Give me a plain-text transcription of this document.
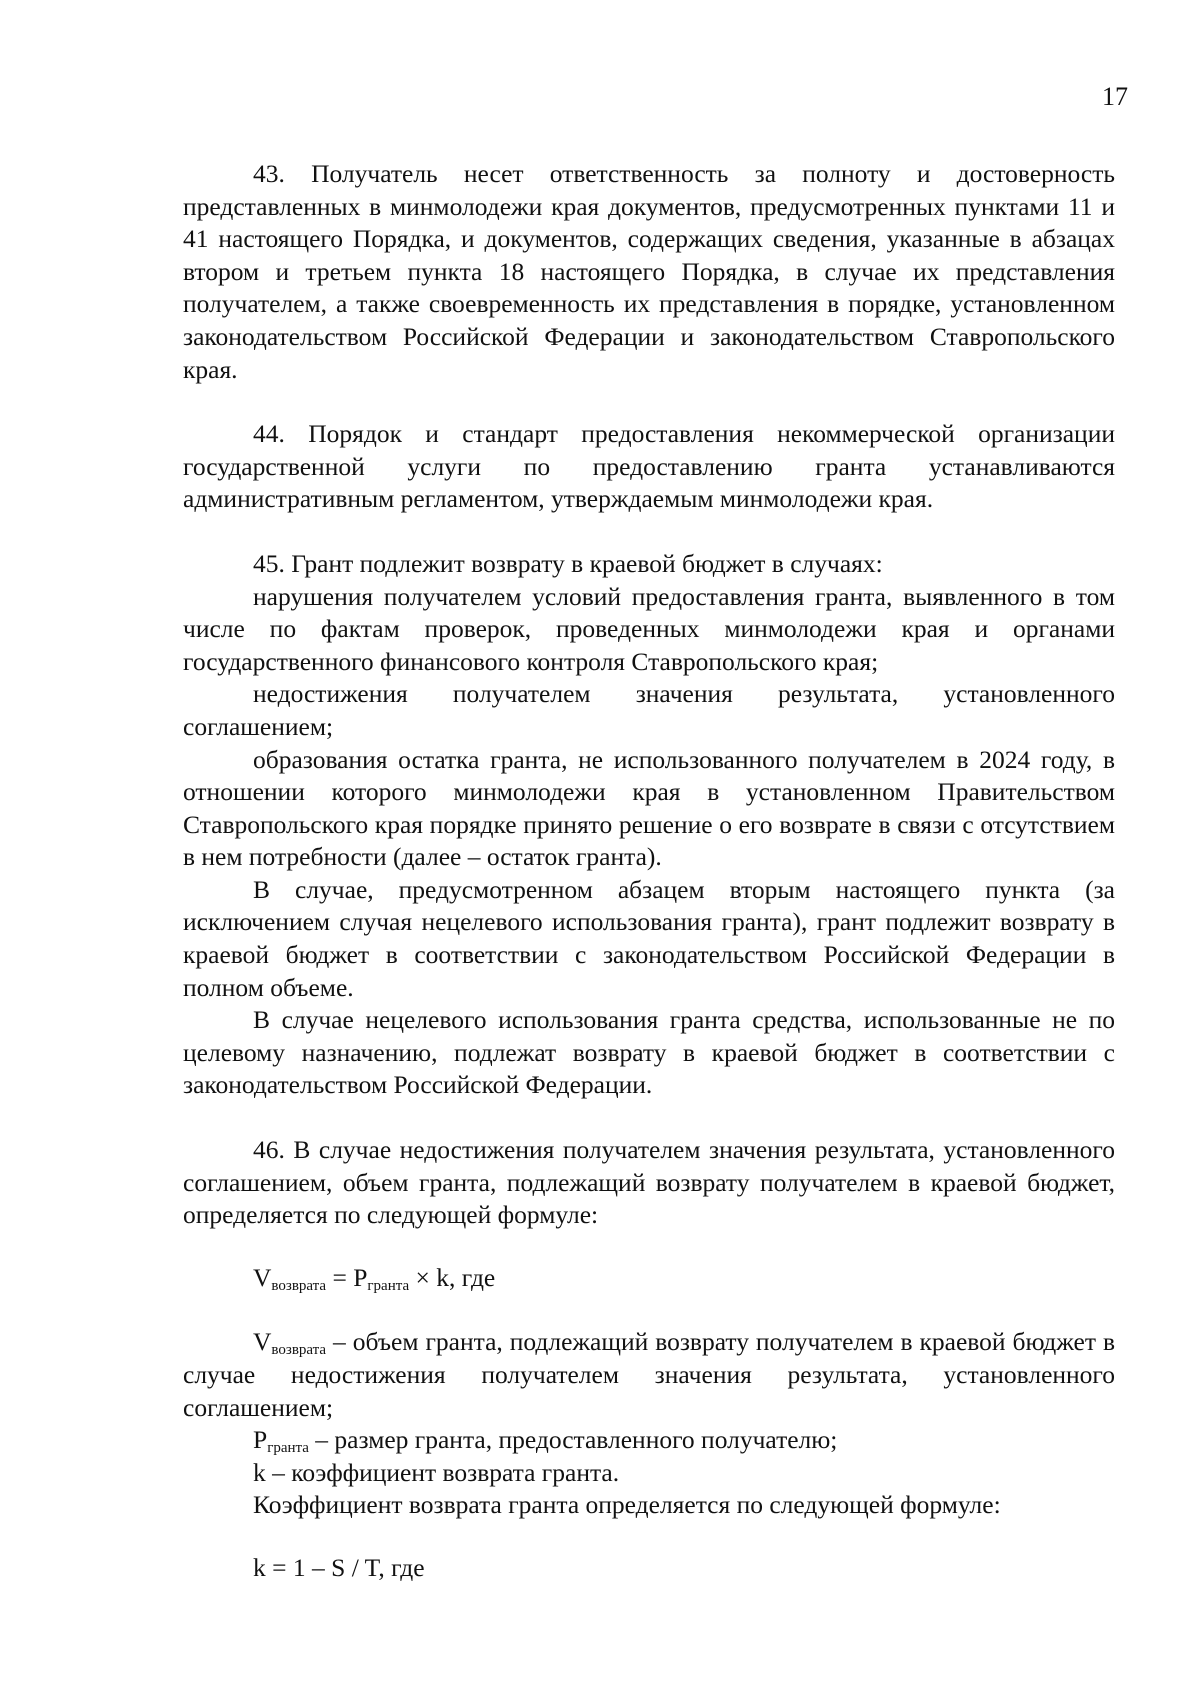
17

43. Получатель несет ответственность за полноту и достоверность представленных в минмолодежи края документов, предусмотренных пунктами 11 и 41 настоящего Порядка, и документов, содержащих сведения, указанные в абзацах втором и третьем пункта 18 настоящего Порядка, в случае их представления получателем, а также своевременность их представления в порядке, установленном законодательством Российской Федерации и законодательством Ставропольского края.

44. Порядок и стандарт предоставления некоммерческой организации государственной услуги по предоставлению гранта устанавливаются административным регламентом, утверждаемым минмолодежи края.

45. Грант подлежит возврату в краевой бюджет в случаях:

нарушения получателем условий предоставления гранта, выявленного в том числе по фактам проверок, проведенных минмолодежи края и органами государственного финансового контроля Ставропольского края;

недостижения получателем значения результата, установленного соглашением;

образования остатка гранта, не использованного получателем в 2024 году, в отношении которого минмолодежи края в установленном Правительством Ставропольского края порядке принято решение о его возврате в связи с отсутствием в нем потребности (далее – остаток гранта).

В случае, предусмотренном абзацем вторым настоящего пункта (за исключением случая нецелевого использования гранта), грант подлежит возврату в краевой бюджет в соответствии с законодательством Российской Федерации в полном объеме.

В случае нецелевого использования гранта средства, использованные не по целевому назначению, подлежат возврату в краевой бюджет в соответствии с законодательством Российской Федерации.

46. В случае недостижения получателем значения результата, установленного соглашением, объем гранта, подлежащий возврату получателем в краевой бюджет, определяется по следующей формуле:

$V_{возврата} = P_{гранта} \times k$, где

$V_{возврата}$ – объем гранта, подлежащий возврату получателем в краевой бюджет в случае недостижения получателем значения результата, установленного соглашением;

$P_{гранта}$ – размер гранта, предоставленного получателю;

k – коэффициент возврата гранта.

Коэффициент возврата гранта определяется по следующей формуле:

k = 1 – S / T, где
